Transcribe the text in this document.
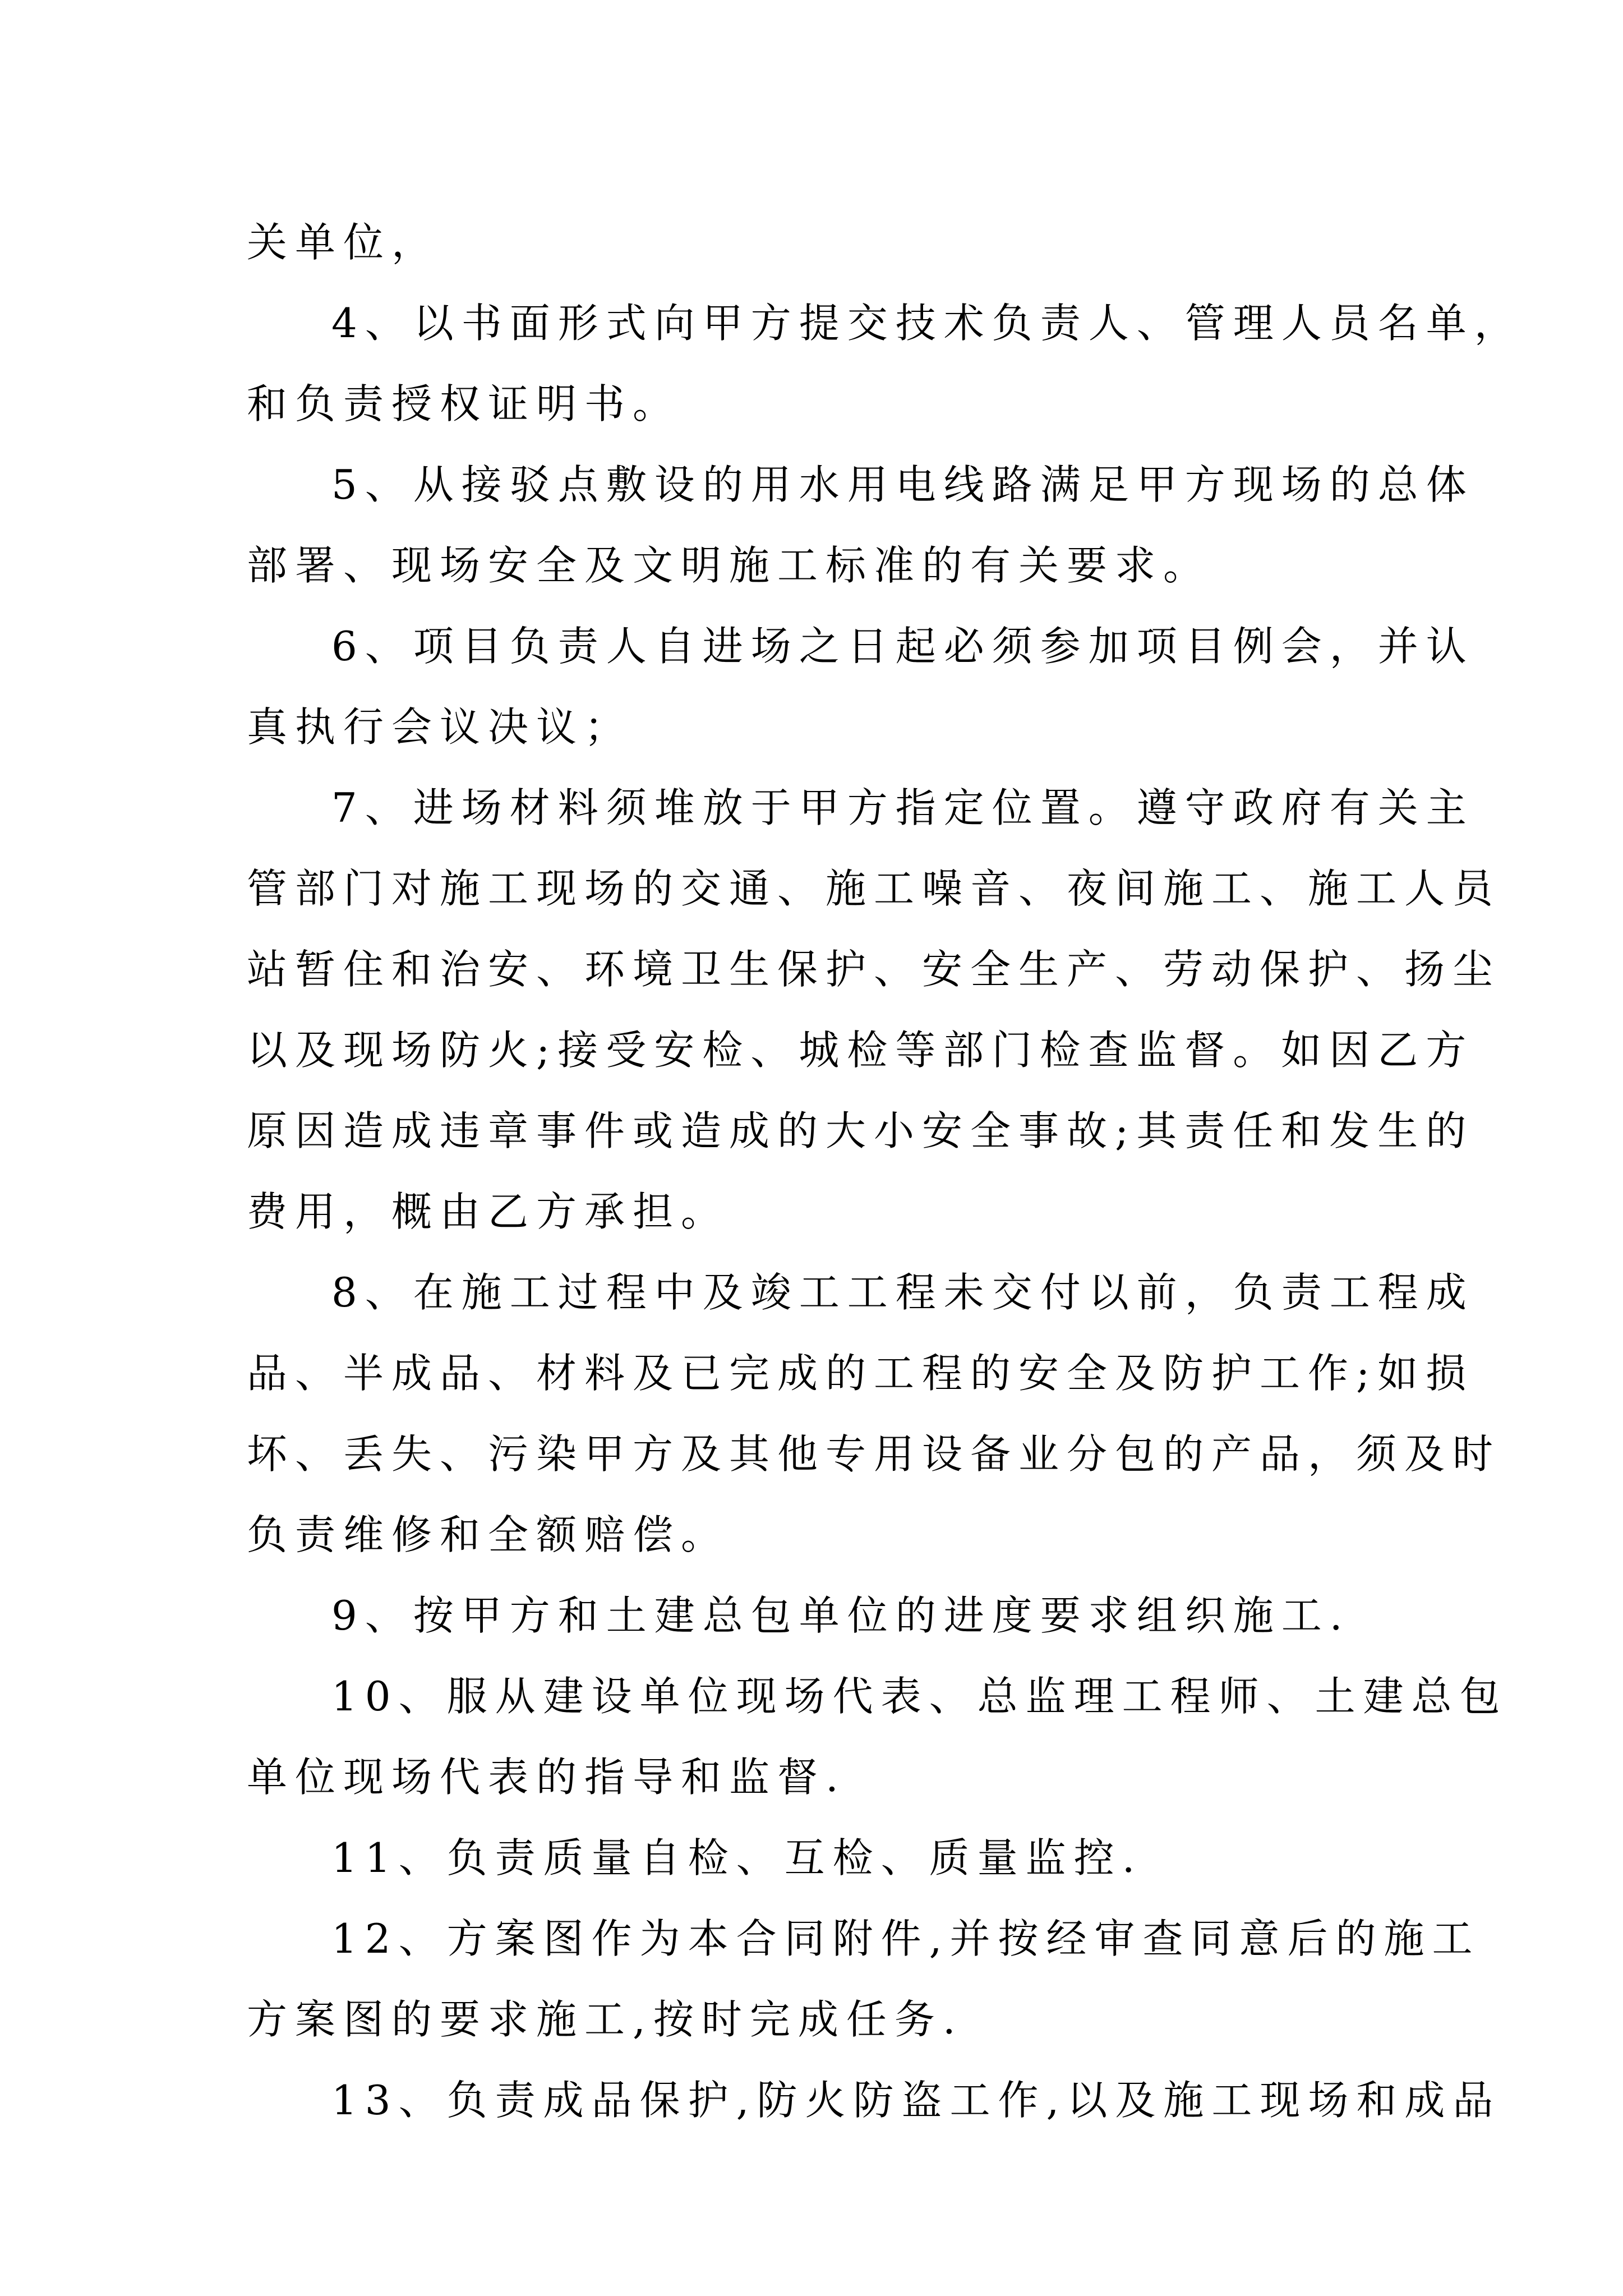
关单位，
4、以书面形式向甲方提交技术负责人、管理人员名单，
和负责授权证明书。
5、从接驳点敷设的用水用电线路满足甲方现场的总体
部署、现场安全及文明施工标准的有关要求。
6、项目负责人自进场之日起必须参加项目例会，并认
真执行会议决议；
7、进场材料须堆放于甲方指定位置。遵守政府有关主
管部门对施工现场的交通、施工噪音、夜间施工、施工人员
站暂住和治安、环境卫生保护、安全生产、劳动保护、扬尘
以及现场防火;接受安检、城检等部门检查监督。如因乙方
原因造成违章事件或造成的大小安全事故;其责任和发生的
费用，概由乙方承担。
8、在施工过程中及竣工工程未交付以前，负责工程成
品、半成品、材料及已完成的工程的安全及防护工作;如损
坏、丢失、污染甲方及其他专用设备业分包的产品，须及时
负责维修和全额赔偿。
9、按甲方和土建总包单位的进度要求组织施工.
10、服从建设单位现场代表、总监理工程师、土建总包
单位现场代表的指导和监督.
11、负责质量自检、互检、质量监控.
12、方案图作为本合同附件,并按经审查同意后的施工
方案图的要求施工,按时完成任务.
13、负责成品保护,防火防盗工作,以及施工现场和成品
